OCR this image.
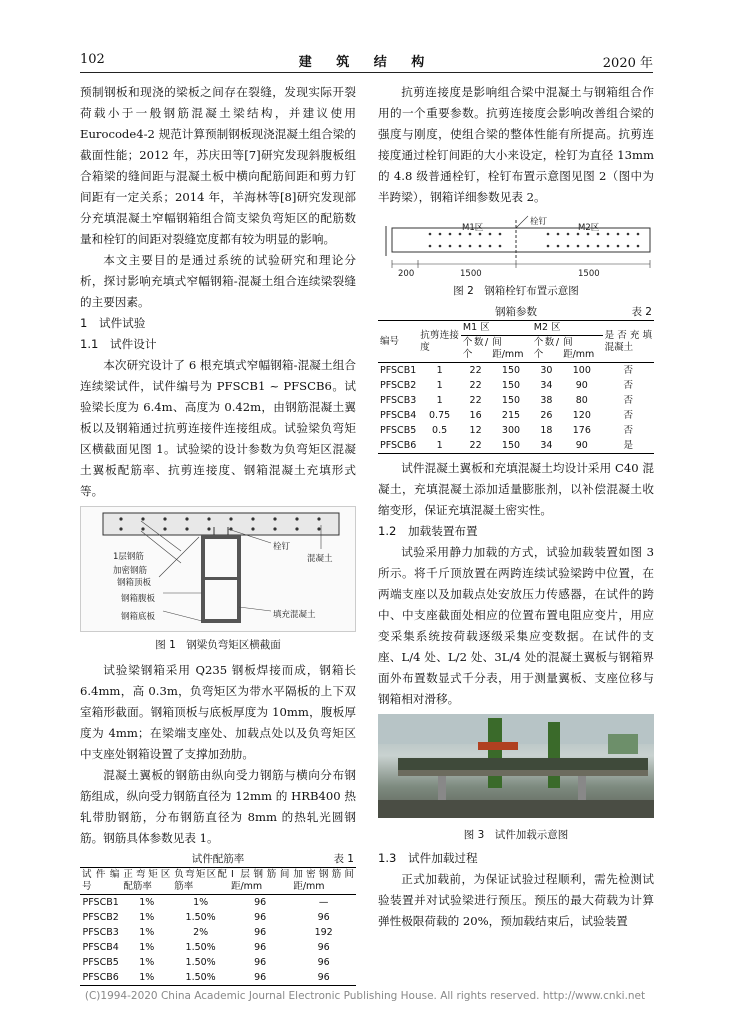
102	建 筑 结 构	2020 年

预制钢板和现浇的梁板之间存在裂缝，发现实际开裂荷载小于一般钢筋混凝土梁结构，并建议使用Eurocode4-2 规范计算预制钢板现浇混凝土组合梁的截面性能；2012 年，苏庆田等[7]研究发现斜腹板组合箱梁的缝间距与混凝土板中横向配筋间距和剪力钉间距有一定关系；2014 年，羊海林等[8]研究发现部分充填混凝土窄幅钢箱组合简支梁负弯矩区的配筋数量和栓钉的间距对裂缝宽度都有较为明显的影响。

本文主要目的是通过系统的试验研究和理论分析，探讨影响充填式窄幅钢箱-混凝土组合连续梁裂缝的主要因素。

1　试件试验

1.1　试件设计

本次研究设计了 6 根充填式窄幅钢箱-混凝土组合连续梁试件，试件编号为 PFSCB1 ~ PFSCB6。试验梁长度为 6.4m、高度为 0.42m，由钢筋混凝土翼板以及钢箱通过抗剪连接件连接组成。试验梁负弯矩区横截面见图 1。试验梁的设计参数为负弯矩区混凝土翼板配筋率、抗剪连接度、钢箱混凝土充填形式等。

1层钢筋
加密钢筋
钢箱顶板
钢箱腹板
钢箱底板
栓钉
混凝土
填充混凝土
图 1　钢梁负弯矩区横截面

试验梁钢箱采用 Q235 钢板焊接而成，钢箱长 6.4mm，高 0.3m，负弯矩区为带水平隔板的上下双室箱形截面。钢箱顶板与底板厚度为 10mm，腹板厚度为 4mm；在梁端支座处、加载点处以及负弯矩区中支座处钢箱设置了支撑加劲肋。

混凝土翼板的钢筋由纵向受力钢筋与横向分布钢筋组成，纵向受力钢筋直径为 12mm 的 HRB400 热轧带肋钢筋，分布钢筋直径为 8mm 的热轧光圆钢筋。钢筋具体参数见表 1。

试件配筋率	表 1
试件编号	正弯矩区配筋率	负弯矩区配筋率	I 层钢筋间距/mm	加密钢筋间距/mm
PFSCB1	1%	1%	96	—
PFSCB2	1%	1.50%	96	96
PFSCB3	1%	2%	96	192
PFSCB4	1%	1.50%	96	96
PFSCB5	1%	1.50%	96	96
PFSCB6	1%	1.50%	96	96

抗剪连接度是影响组合梁中混凝土与钢箱组合作用的一个重要参数。抗剪连接度会影响改善组合梁的强度与刚度，使组合梁的整体性能有所提高。抗剪连接度通过栓钉间距的大小来设定，栓钉为直径 13mm 的 4.8 级普通栓钉，栓钉布置示意图见图 2（图中为半跨梁），钢箱详细参数见表 2。

栓钉
M1区	M2区
200	1500	1500
图 2　钢箱栓钉布置示意图
钢箱参数	表 2
编号	抗剪连接度	M1 区		M2 区		是否充填混凝土
		个数/个	间距/mm	个数/个	间距/mm	
PFSCB1	1	22	150	30	100	否
PFSCB2	1	22	150	34	90	否
PFSCB3	1	22	150	38	80	否
PFSCB4	0.75	16	215	26	120	否
PFSCB5	0.5	12	300	18	176	否
PFSCB6	1	22	150	34	90	是

试件混凝土翼板和充填混凝土均设计采用 C40 混凝土，充填混凝土添加适量膨胀剂，以补偿混凝土收缩变形，保证充填混凝土密实性。

1.2　加载装置布置

试验采用静力加载的方式，试验加载装置如图 3 所示。将千斤顶放置在两跨连续试验梁跨中位置，在两端支座以及加载点处安放压力传感器，在试件的跨中、中支座截面处相应的位置布置电阻应变片，用应变采集系统按荷载逐级采集应变数据。在试件的支座、L/4 处、L/2 处、3L/4 处的混凝土翼板与钢箱界面外布置数显式千分表，用于测量翼板、支座位移与钢箱相对滑移。

图 3　试件加载示意图

1.3　试件加载过程

正式加载前，为保证试验过程顺利，需先检测试验装置并对试验梁进行预压。预压的最大荷载为计算弹性极限荷载的 20%，预加载结束后，试验装置

(C)1994-2020 China Academic Journal Electronic Publishing House. All rights reserved. http://www.cnki.net
